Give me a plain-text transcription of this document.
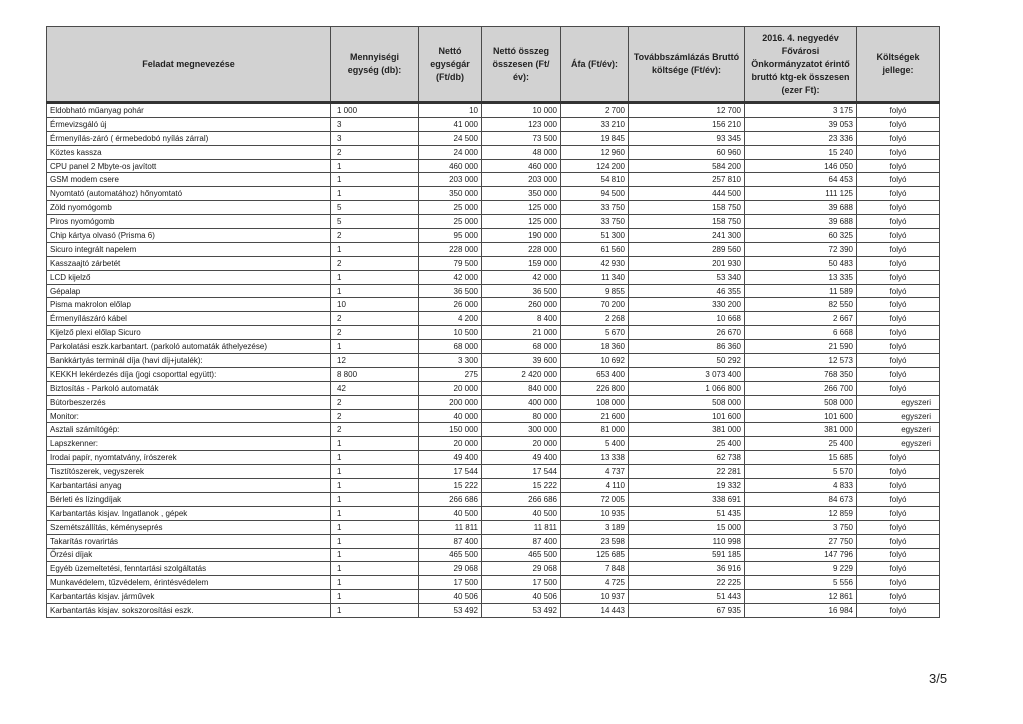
Feladat megnevezése	Mennyiségi egység (db):	Nettó egységár (Ft/db)	Nettó összeg összesen (Ft/év):	Áfa (Ft/év):	Továbbszámlázás Bruttó költsége (Ft/év):	2016. 4. negyedév Fővárosi Önkormányzatot érintő bruttó ktg-ek összesen (ezer Ft):	Költségek jellege:
Eldobható műanyag pohár	1 000	10	10 000	2 700	12 700	3 175	folyó
Érmevizsgáló új	3	41 000	123 000	33 210	156 210	39 053	folyó
Érmenyílás-záró ( érmebedobó nyílás zárral)	3	24 500	73 500	19 845	93 345	23 336	folyó
Köztes kassza	2	24 000	48 000	12 960	60 960	15 240	folyó
CPU panel 2 Mbyte-os javított	1	460 000	460 000	124 200	584 200	146 050	folyó
GSM modem csere	1	203 000	203 000	54 810	257 810	64 453	folyó
Nyomtató (automatához) hőnyomtató	1	350 000	350 000	94 500	444 500	111 125	folyó
Zöld nyomógomb	5	25 000	125 000	33 750	158 750	39 688	folyó
Piros nyomógomb	5	25 000	125 000	33 750	158 750	39 688	folyó
Chip kártya olvasó (Prisma 6)	2	95 000	190 000	51 300	241 300	60 325	folyó
Sicuro integrált napelem	1	228 000	228 000	61 560	289 560	72 390	folyó
Kasszaajtó zárbetét	2	79 500	159 000	42 930	201 930	50 483	folyó
LCD kijelző	1	42 000	42 000	11 340	53 340	13 335	folyó
Gépalap	1	36 500	36 500	9 855	46 355	11 589	folyó
Pisma makrolon előlap	10	26 000	260 000	70 200	330 200	82 550	folyó
Érmenyílászáró kábel	2	4 200	8 400	2 268	10 668	2 667	folyó
Kijelző plexi előlap Sicuro	2	10 500	21 000	5 670	26 670	6 668	folyó
Parkolatási eszk.karbantart. (parkoló automaták áthelyezése)	1	68 000	68 000	18 360	86 360	21 590	folyó
Bankkártyás terminál díja (havi díj+jutalék):	12	3 300	39 600	10 692	50 292	12 573	folyó
KEKKH lekérdezés díja (jogi csoporttal együtt):	8 800	275	2 420 000	653 400	3 073 400	768 350	folyó
Biztosítás - Parkoló automaták	42	20 000	840 000	226 800	1 066 800	266 700	folyó
Bútorbeszerzés	2	200 000	400 000	108 000	508 000	508 000	egyszeri
Monitor:	2	40 000	80 000	21 600	101 600	101 600	egyszeri
Asztali számítógép:	2	150 000	300 000	81 000	381 000	381 000	egyszeri
Lapszkenner:	1	20 000	20 000	5 400	25 400	25 400	egyszeri
Irodai papír, nyomtatvány, írószerek	1	49 400	49 400	13 338	62 738	15 685	folyó
Tisztítószerek, vegyszerek	1	17 544	17 544	4 737	22 281	5 570	folyó
Karbantartási anyag	1	15 222	15 222	4 110	19 332	4 833	folyó
Bérleti és lízingdíjak	1	266 686	266 686	72 005	338 691	84 673	folyó
Karbantartás kisjav. Ingatlanok , gépek	1	40 500	40 500	10 935	51 435	12 859	folyó
Szemétszállítás, kéményseprés	1	11 811	11 811	3 189	15 000	3 750	folyó
Takarítás rovarirtás	1	87 400	87 400	23 598	110 998	27 750	folyó
Őrzési díjak	1	465 500	465 500	125 685	591 185	147 796	folyó
Egyéb üzemeltetési, fenntartási szolgáltatás	1	29 068	29 068	7 848	36 916	9 229	folyó
Munkavédelem, tűzvédelem, érintésvédelem	1	17 500	17 500	4 725	22 225	5 556	folyó
Karbantartás kisjav. járművek	1	40 506	40 506	10 937	51 443	12 861	folyó
Karbantartás kisjav. sokszorosítási eszk.	1	53 492	53 492	14 443	67 935	16 984	folyó
3/5
